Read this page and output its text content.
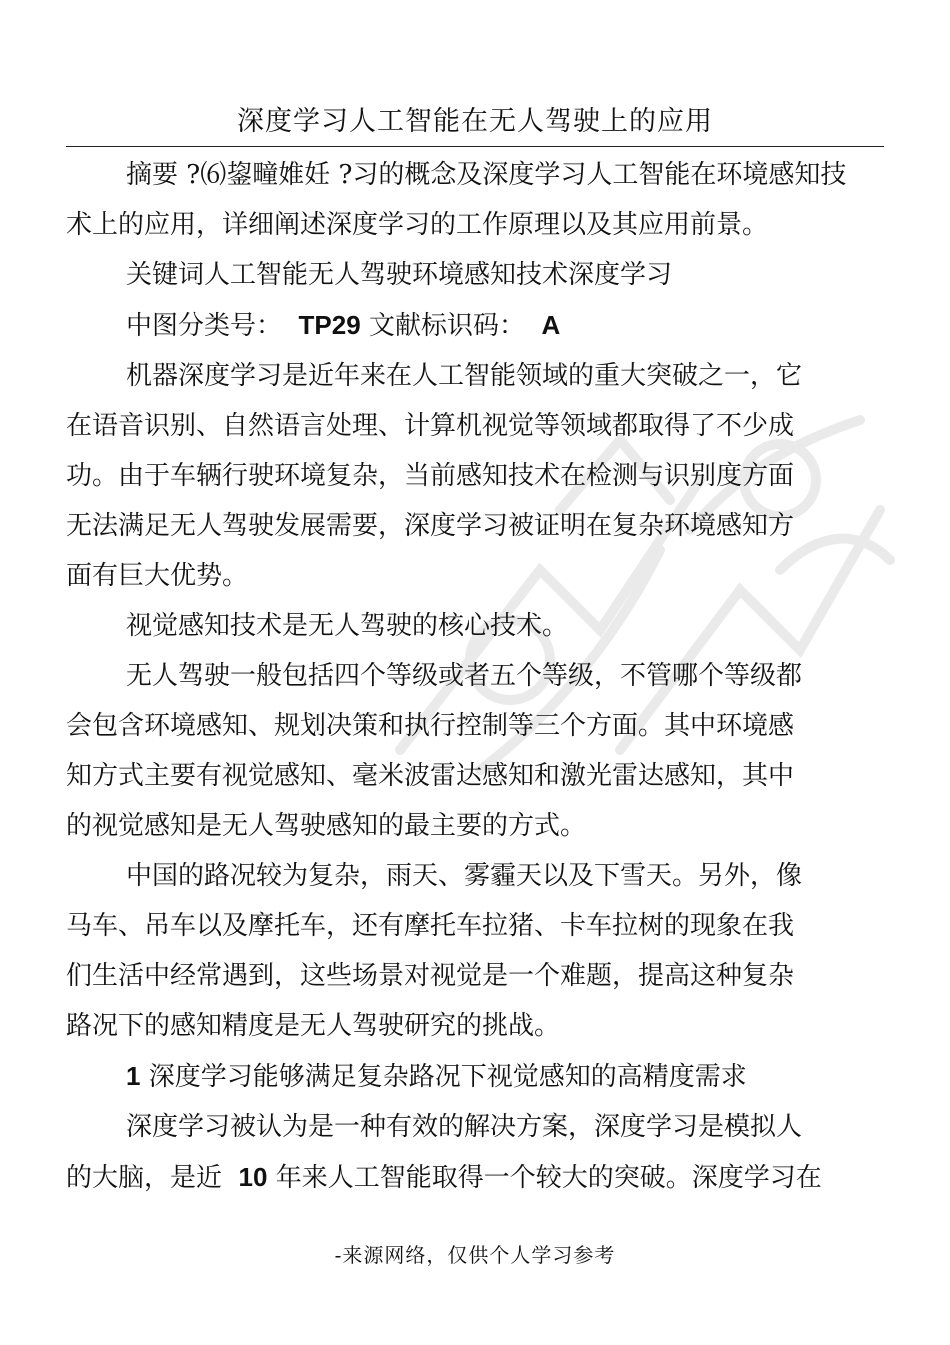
深度学习人工智能在无人驾驶上的应用

摘要 ?⑹鋆疃婎妊 ?习的概念及深度学习人工智能在环境感知技
术上的应用，详细阐述深度学习的工作原理以及其应用前景。

关键词人工智能无人驾驶环境感知技术深度学习

中图分类号： TP29 文献标识码： A

机器深度学习是近年来在人工智能领域的重大突破之一，它
在语音识别、自然语言处理、计算机视觉等领域都取得了不少成
功。由于车辆行驶环境复杂，当前感知技术在检测与识别度方面
无法满足无人驾驶发展需要，深度学习被证明在复杂环境感知方
面有巨大优势。

视觉感知技术是无人驾驶的核心技术。

无人驾驶一般包括四个等级或者五个等级，不管哪个等级都
会包含环境感知、规划决策和执行控制等三个方面。其中环境感
知方式主要有视觉感知、毫米波雷达感知和激光雷达感知，其中
的视觉感知是无人驾驶感知的最主要的方式。

中国的路况较为复杂，雨天、雾霾天以及下雪天。另外，像
马车、吊车以及摩托车，还有摩托车拉猪、卡车拉树的现象在我
们生活中经常遇到，这些场景对视觉是一个难题，提高这种复杂
路况下的感知精度是无人驾驶研究的挑战。

1 深度学习能够满足复杂路况下视觉感知的高精度需求

深度学习被认为是一种有效的解决方案，深度学习是模拟人
的大脑，是近 10 年来人工智能取得一个较大的突破。深度学习在

-来源网络，仅供个人学习参考
